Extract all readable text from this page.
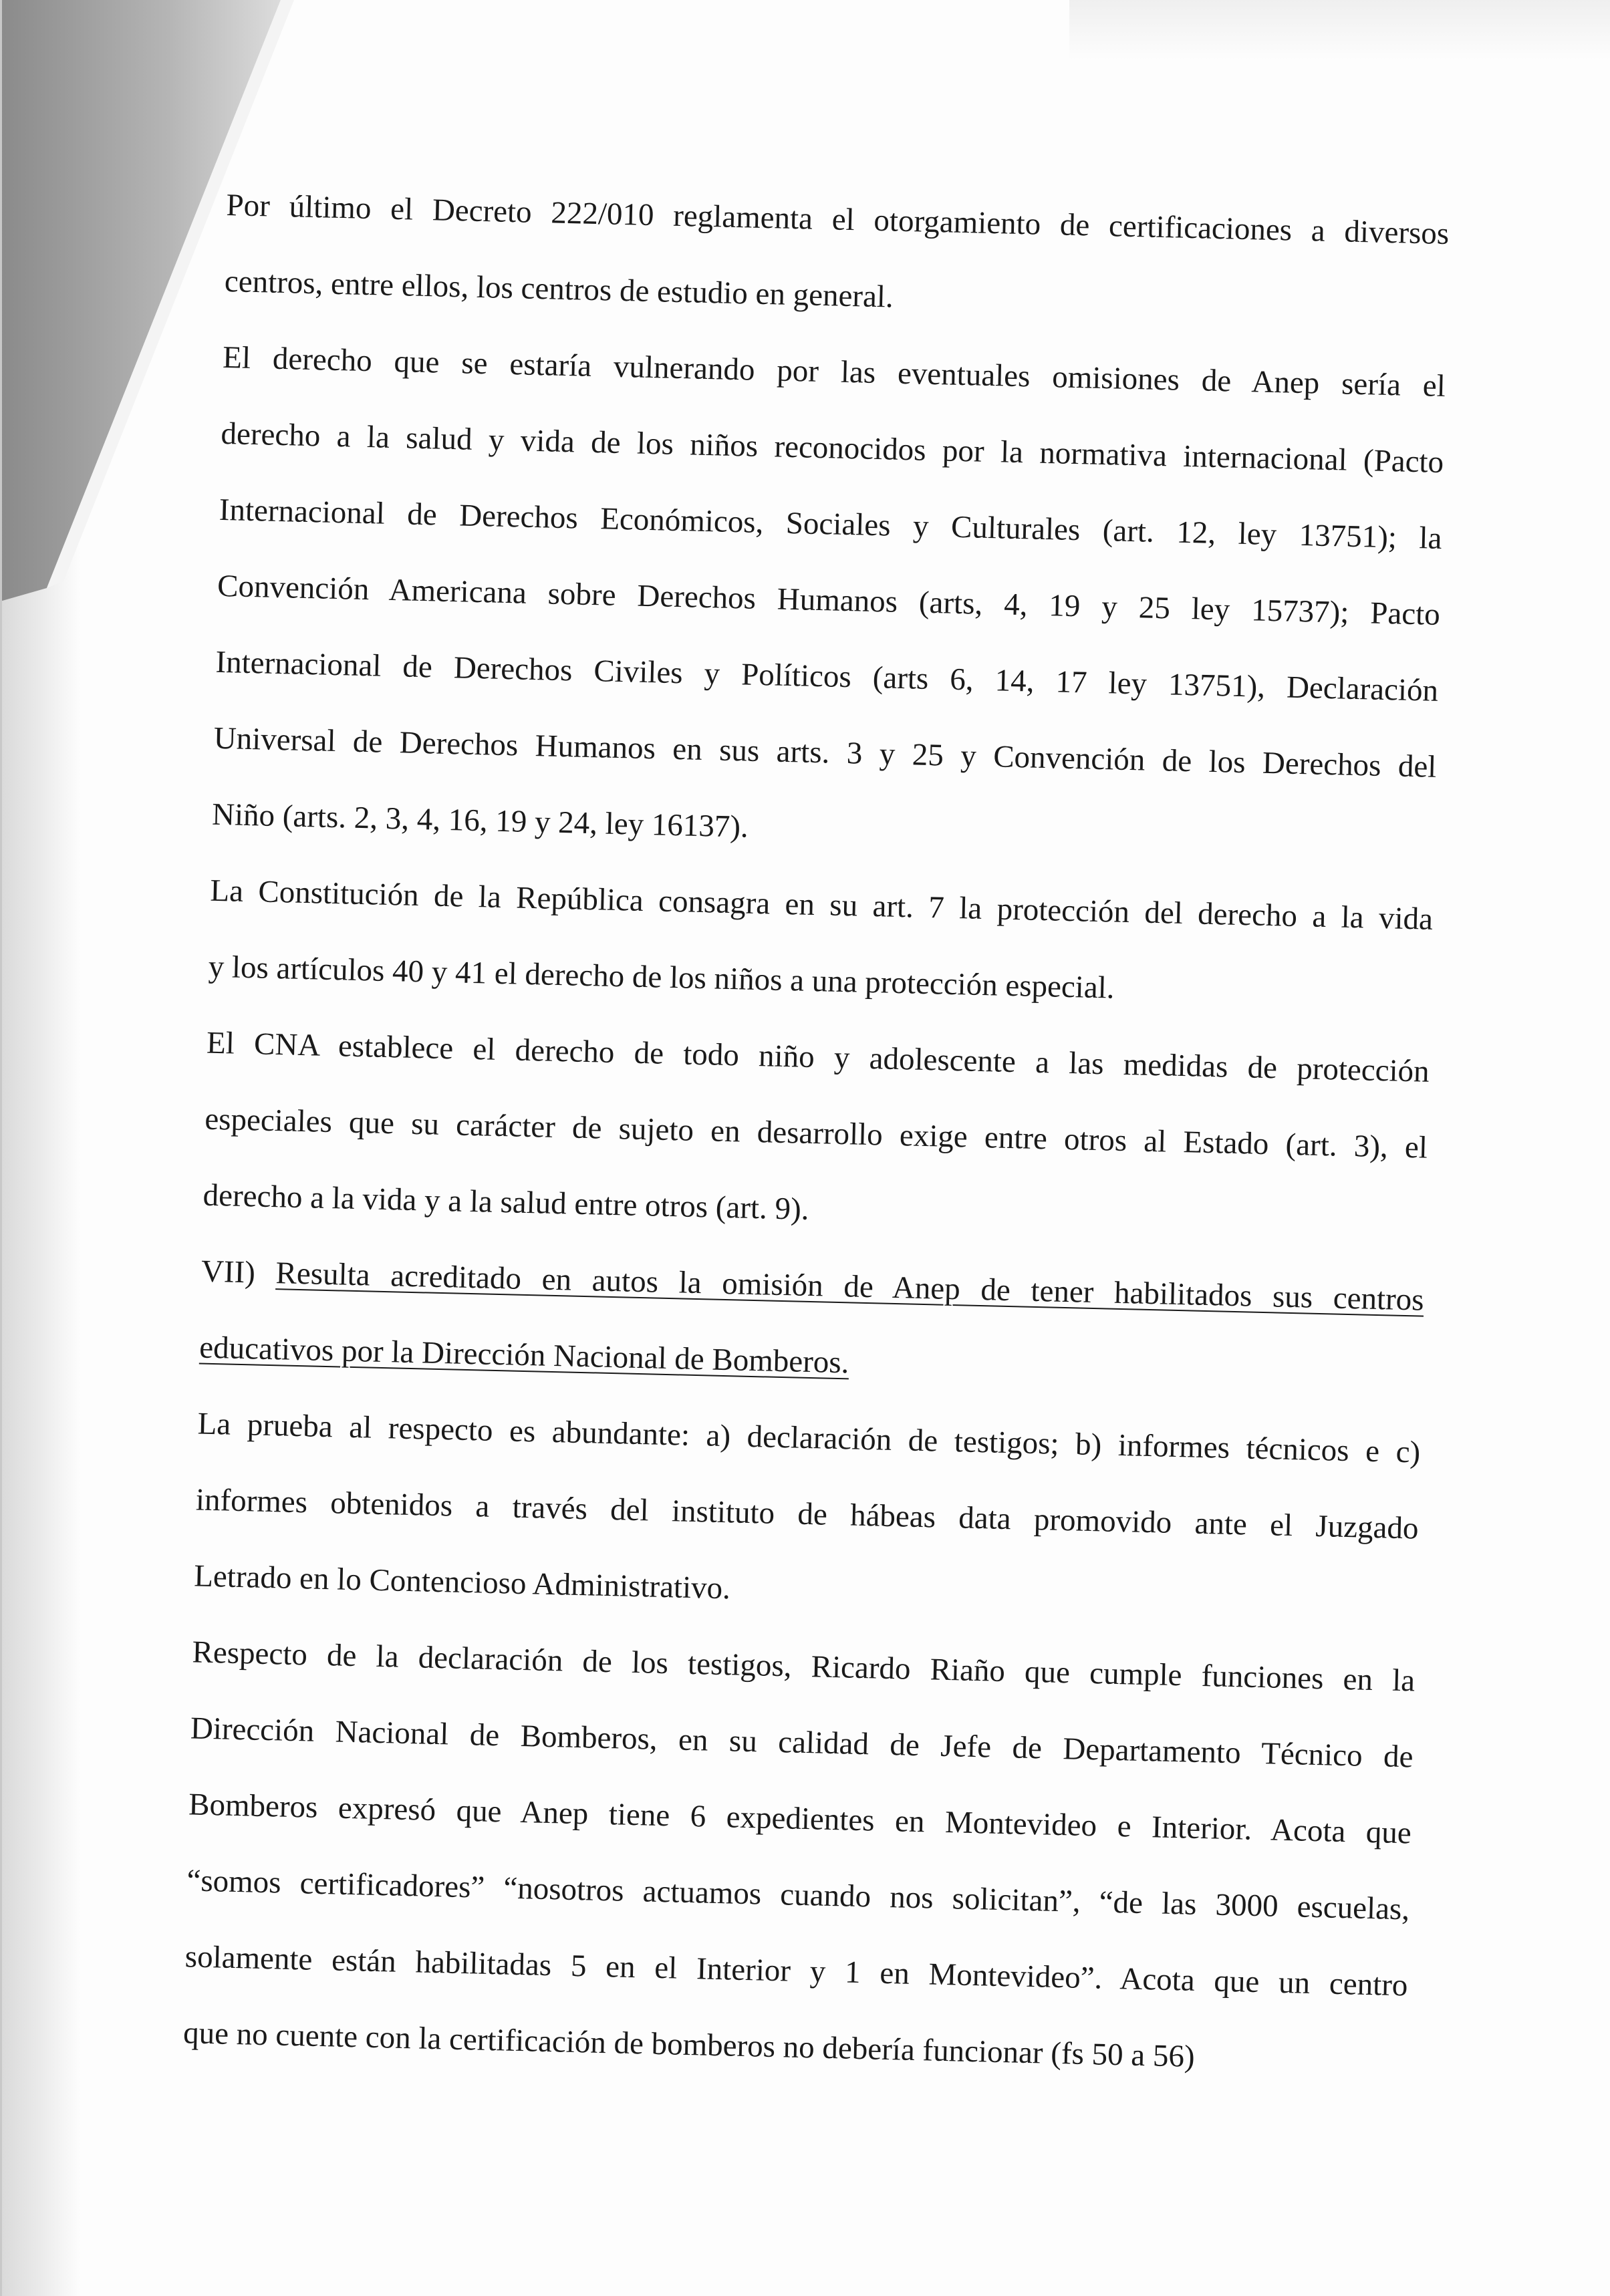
Por último el Decreto 222/010 reglamenta el otorgamiento de certificaciones a diversos
centros, entre ellos, los centros de estudio en general.
El derecho que se estaría vulnerando por las eventuales omisiones de Anep sería el
derecho a la salud y vida de los niños reconocidos por la normativa internacional (Pacto
Internacional de Derechos Económicos, Sociales y Culturales (art. 12, ley 13751); la
Convención Americana sobre Derechos Humanos (arts, 4, 19 y 25 ley 15737); Pacto
Internacional de Derechos Civiles y Políticos (arts 6, 14, 17 ley 13751), Declaración
Universal de Derechos Humanos en sus arts. 3 y 25 y Convención de los Derechos del
Niño (arts. 2, 3, 4, 16, 19 y 24, ley 16137).
La Constitución de la República consagra en su art. 7 la protección del derecho a la vida
y los artículos 40 y 41 el derecho de los niños a una protección especial.
El CNA establece el derecho de todo niño y adolescente a las medidas de protección
especiales que su carácter de sujeto en desarrollo exige entre otros al Estado (art. 3), el
derecho a la vida y a la salud entre otros (art. 9).
VII) Resulta acreditado en autos la omisión de Anep de tener habilitados sus centros
educativos por la Dirección Nacional de Bomberos.
La prueba al respecto es abundante: a) declaración de testigos; b) informes técnicos e c)
informes obtenidos a través del instituto de hábeas data promovido ante el Juzgado
Letrado en lo Contencioso Administrativo.
Respecto de la declaración de los testigos, Ricardo Riaño que cumple funciones en la
Dirección Nacional de Bomberos, en su calidad de Jefe de Departamento Técnico de
Bomberos expresó que Anep tiene 6 expedientes en Montevideo e Interior. Acota que
“somos certificadores” “nosotros actuamos cuando nos solicitan”, “de las 3000 escuelas,
solamente están habilitadas 5 en el Interior y 1 en Montevideo”. Acota que un centro
que no cuente con la certificación de bomberos no debería funcionar (fs 50 a 56)
